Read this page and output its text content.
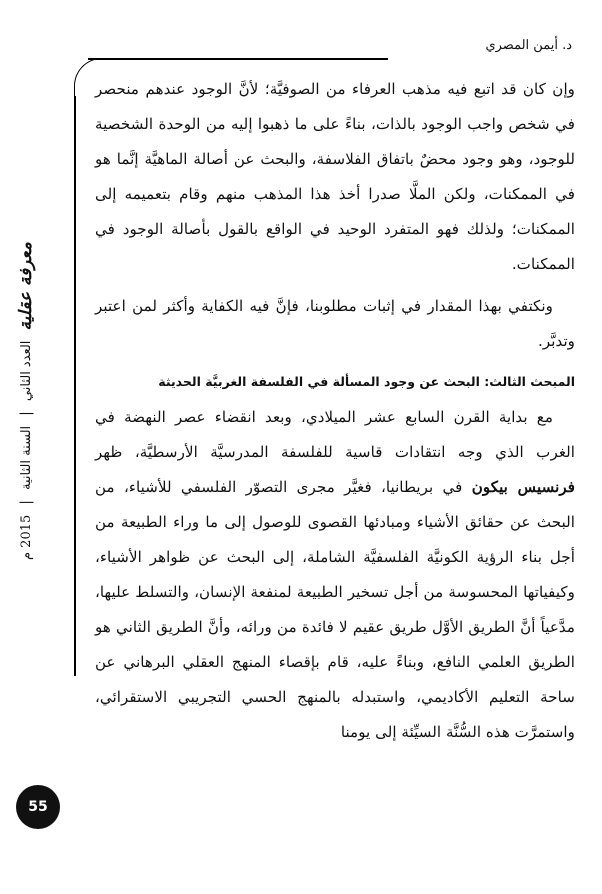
د. أيمن المصري

وإن كان قد اتبع فيه مذهب العرفاء من الصوفيَّة؛ لأنَّ الوجود عندهم منحصر في شخص واجب الوجود بالذات، بناءً على ما ذهبوا إليه من الوحدة الشخصية للوجود، وهو وجود محضٌ باتفاق الفلاسفة، والبحث عن أصالة الماهيَّة إنَّما هو في الممكنات، ولكن الملَّا صدرا أخذ هذا المذهب منهم وقام بتعميمه إلى الممكنات؛ ولذلك فهو المتفرد الوحيد في الواقع بالقول بأصالة الوجود في الممكنات.

ونكتفي بهذا المقدار في إثبات مطلوبنا، فإنَّ فيه الكفاية وأكثر لمن اعتبر وتدبَّر.

المبحث الثالث: البحث عن وجود المسألة في الفلسفة الغربيَّة الحديثة

مع بداية القرن السابع عشر الميلادي، وبعد انقضاء عصر النهضة في الغرب الذي وجه انتقادات قاسية للفلسفة المدرسيَّة الأرسطيَّة، ظهر فرنسيس بيكون في بريطانيا، فغيَّر مجرى التصوّر الفلسفي للأشياء، من البحث عن حقائق الأشياء ومبادئها القصوى للوصول إلى ما وراء الطبيعة من أجل بناء الرؤية الكونيَّة الفلسفيَّة الشاملة، إلى البحث عن ظواهر الأشياء، وكيفياتها المحسوسة من أجل تسخير الطبيعة لمنفعة الإنسان، والتسلط عليها، مدَّعياً أنَّ الطريق الأوَّل طريق عقيم لا فائدة من ورائه، وأنَّ الطريق الثاني هو الطريق العلمي النافع، وبناءً عليه، قام بإقصاء المنهج العقلي البرهاني عن ساحة التعليم الأكاديمي، واستبدله بالمنهج الحسي التجريبي الاستقرائي، واستمرَّت هذه السُّنَّة السيِّئة إلى يومنا

معرفة عقلية
العدد الثاني
|
السنة الثانية
|
2015 م
55
